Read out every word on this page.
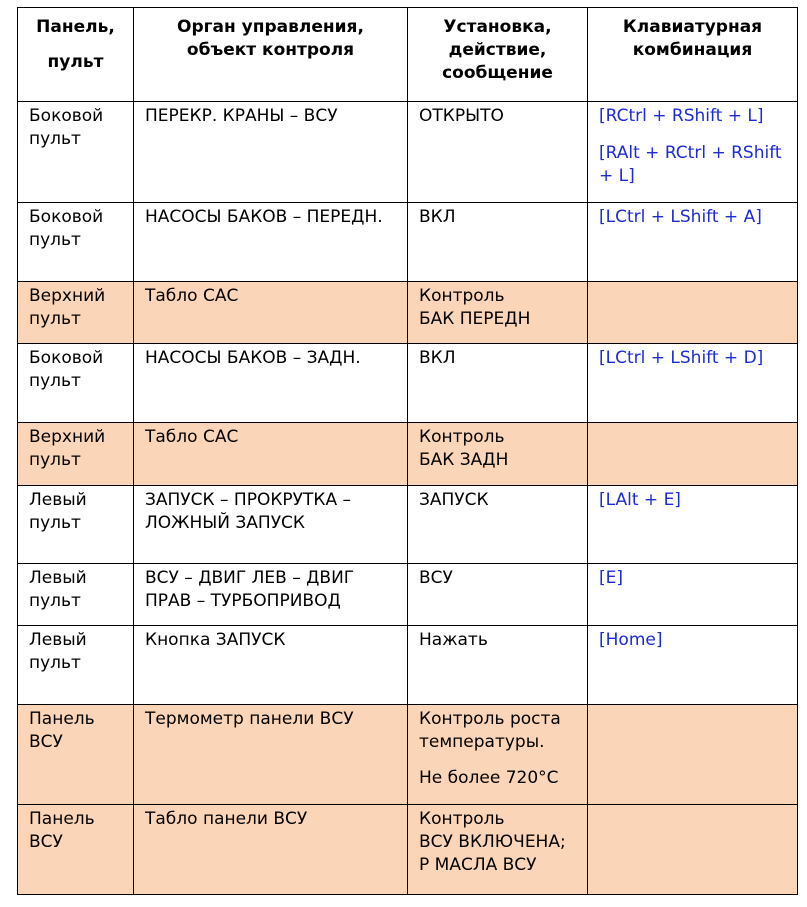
Панель,
пульт	Орган управления,
объект контроля	Установка,
действие,
сообщение	Клавиатурная
комбинация

Боковой
пульт	ПЕРЕКР. КРАНЫ – ВСУ	ОТКРЫТО	[RCtrl + RShift + L]
[RAlt + RCtrl + RShift + L]

Боковой
пульт	НАСОСЫ БАКОВ – ПЕРЕДН.	ВКЛ	[LCtrl + LShift + A]

Верхний
пульт	Табло САС	Контроль
БАК ПЕРЕДН	

Боковой
пульт	НАСОСЫ БАКОВ – ЗАДН.	ВКЛ	[LCtrl + LShift + D]

Верхний
пульт	Табло САС	Контроль
БАК ЗАДН	

Левый
пульт	ЗАПУСК – ПРОКРУТКА –
ЛОЖНЫЙ ЗАПУСК	ЗАПУСК	[LAlt + E]

Левый
пульт	ВСУ – ДВИГ ЛЕВ – ДВИГ
ПРАВ – ТУРБОПРИВОД	ВСУ	[E]

Левый
пульт	Кнопка ЗАПУСК	Нажать	[Home]

Панель
ВСУ	Термометр панели ВСУ	Контроль роста
температуры.
Не более 720°С	

Панель
ВСУ	Табло панели ВСУ	Контроль
ВСУ ВКЛЮЧЕНА;
Р МАСЛА ВСУ	
